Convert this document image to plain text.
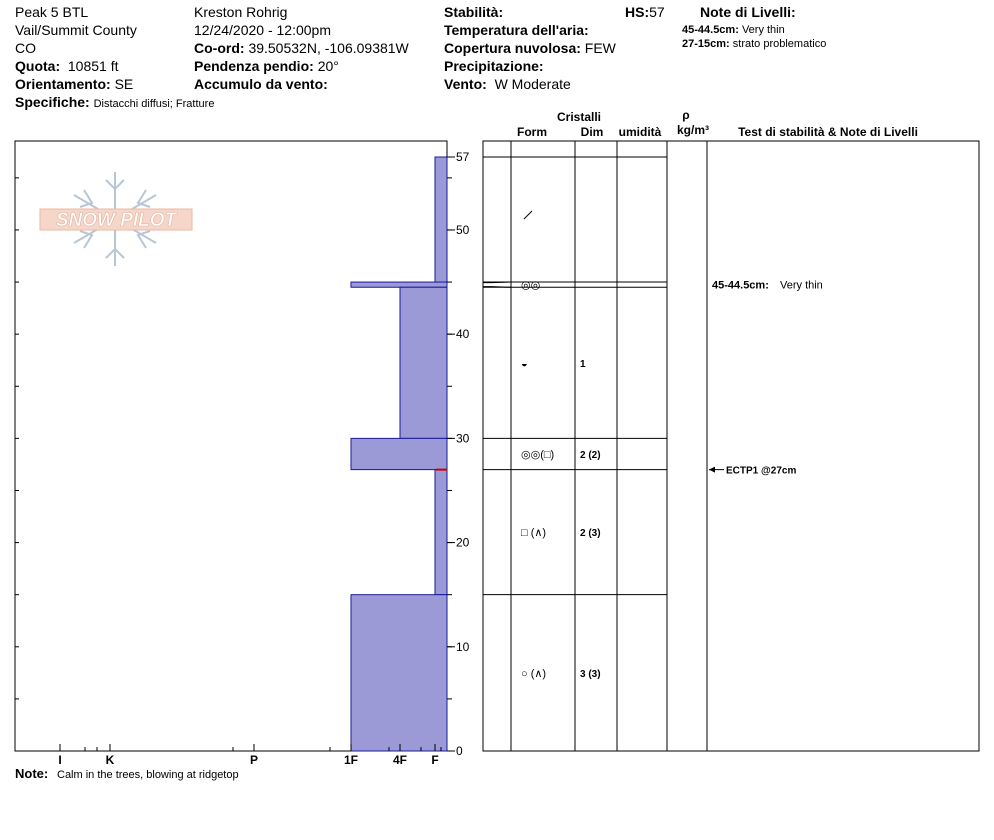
Peak 5 BTL
Vail/Summit County
CO
Quota: 10851 ft
Orientamento: SE
Specifiche: Distacchi diffusi; Fratture
Kreston Rohrig
12/24/2020 - 12:00pm
Co-ord: 39.50532N, -106.09381W
Pendenza pendio: 20°
Accumulo da vento:
Stabilità:
Temperatura dell'aria:
Copertura nuvolosa: FEW
Precipitazione:
Vento: W Moderate
HS:57	Note di Livelli:
45-44.5cm: Very thin
27-15cm: strato problematico
SNOW PILOT
0
10
20
30
40
50
57
I	K	P	1F	4F F
◎◎
◒	1
◎◎(□)	2 (2)
□ (∧)	2 (3)
○ (∧)	3 (3)
45-44.5cm: Very thin
ECTP1 @27cm
Cristalli
Form	Dim umidità
ρ
kg/m³ Test di stabilità & Note di Livelli
Note: Calm in the trees, blowing at ridgetop
